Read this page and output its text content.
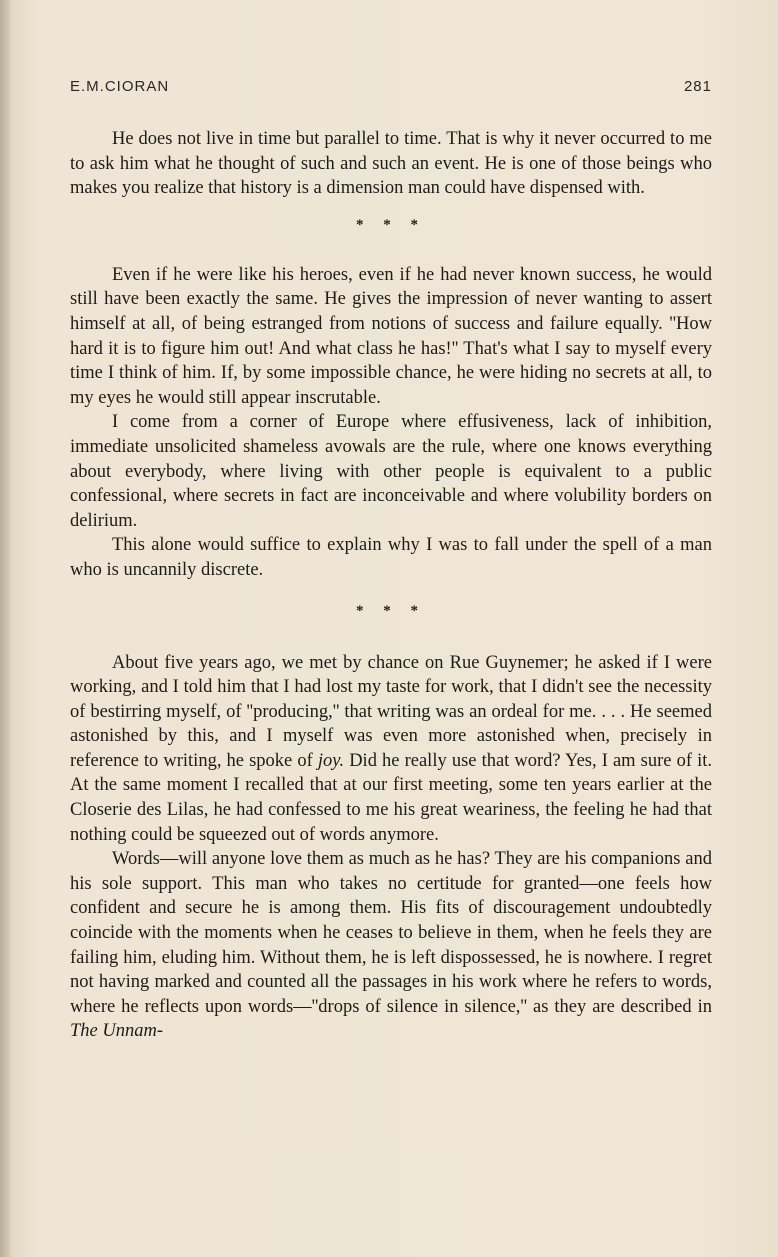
E.M.CIORAN	281

He does not live in time but parallel to time. That is why it never occurred to me to ask him what he thought of such and such an event. He is one of those beings who makes you realize that history is a dimension man could have dispensed with.

* * *

Even if he were like his heroes, even if he had never known success, he would still have been exactly the same. He gives the impression of never wanting to assert himself at all, of being estranged from notions of success and failure equally. ''How hard it is to figure him out! And what class he has!'' That's what I say to myself every time I think of him. If, by some impossible chance, he were hiding no secrets at all, to my eyes he would still appear inscrutable.

I come from a corner of Europe where effusiveness, lack of inhibition, immediate unsolicited shameless avowals are the rule, where one knows everything about everybody, where living with other people is equivalent to a public confessional, where secrets in fact are inconceivable and where volubility borders on delirium.

This alone would suffice to explain why I was to fall under the spell of a man who is uncannily discrete.

* * *

About five years ago, we met by chance on Rue Guynemer; he asked if I were working, and I told him that I had lost my taste for work, that I didn't see the necessity of bestirring myself, of ''producing,'' that writing was an ordeal for me. . . . He seemed astonished by this, and I myself was even more astonished when, precisely in reference to writing, he spoke of joy. Did he really use that word? Yes, I am sure of it. At the same moment I recalled that at our first meeting, some ten years earlier at the Closerie des Lilas, he had confessed to me his great weariness, the feeling he had that nothing could be squeezed out of words anymore.

Words—will anyone love them as much as he has? They are his companions and his sole support. This man who takes no certitude for granted—one feels how confident and secure he is among them. His fits of discouragement undoubtedly coincide with the moments when he ceases to believe in them, when he feels they are failing him, eluding him. Without them, he is left dispossessed, he is nowhere. I regret not having marked and counted all the passages in his work where he refers to words, where he reflects upon words—''drops of silence in silence,'' as they are described in The Unnam-
